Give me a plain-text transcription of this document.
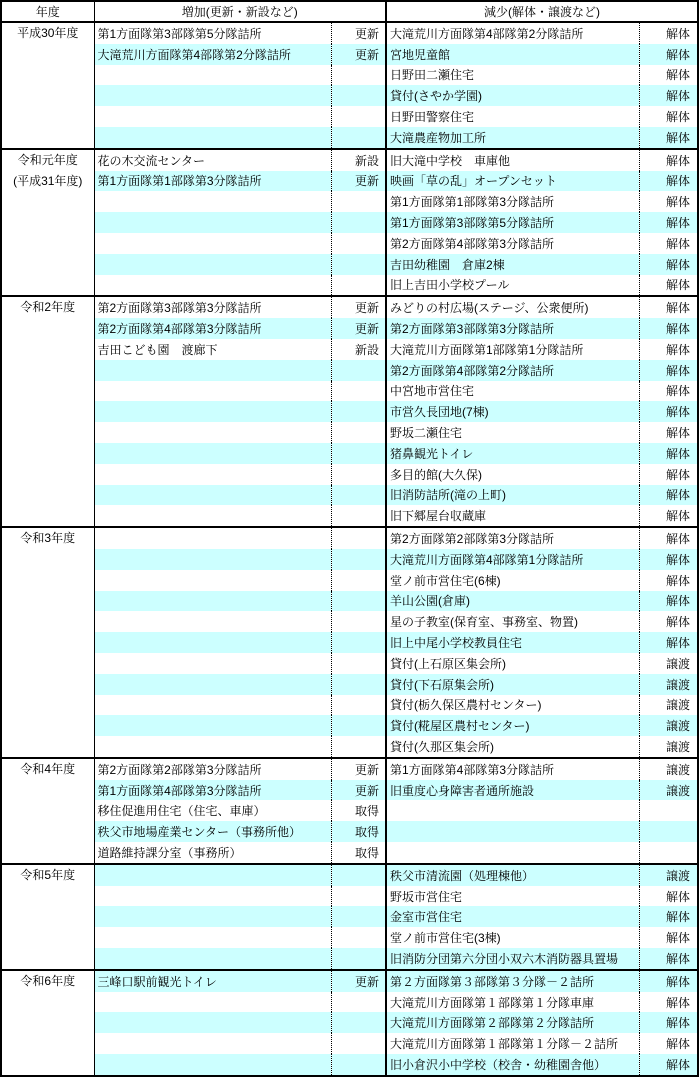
年度	増加(更新・新設など)		減少(解体・譲渡など)	

平成30年度	第1方面隊第3部隊第5分隊詰所	更新	大滝荒川方面隊第4部隊第2分隊詰所	解体
	大滝荒川方面隊第4部隊第2分隊詰所	更新	宮地児童館	解体
			日野田二瀬住宅	解体
			貸付(さやか学園)	解体
			日野田警察住宅	解体
			大滝農産物加工所	解体

令和元年度
(平成31年度)	花の木交流センター	新設	旧大滝中学校　車庫他	解体
	第1方面隊第1部隊第3分隊詰所	更新	映画「草の乱」オープンセット	解体
			第1方面隊第1部隊第3分隊詰所	解体
			第1方面隊第3部隊第5分隊詰所	解体
			第2方面隊第4部隊第3分隊詰所	解体
			吉田幼稚園　倉庫2棟	解体
			旧上吉田小学校プール	解体

令和2年度	第2方面隊第3部隊第3分隊詰所	更新	みどりの村広場(ステージ、公衆便所)	解体
	第2方面隊第4部隊第3分隊詰所	更新	第2方面隊第3部隊第3分隊詰所	解体
	吉田こども園　渡廊下	新設	大滝荒川方面隊第1部隊第1分隊詰所	解体
			第2方面隊第4部隊第2分隊詰所	解体
			中宮地市営住宅	解体
			市営久長団地(7棟)	解体
			野坂二瀬住宅	解体
			猪鼻観光トイレ	解体
			多目的館(大久保)	解体
			旧消防詰所(滝の上町)	解体
			旧下郷屋台収蔵庫	解体

令和3年度			第2方面隊第2部隊第3分隊詰所	解体
			大滝荒川方面隊第4部隊第1分隊詰所	解体
			堂ノ前市営住宅(6棟)	解体
			羊山公園(倉庫)	解体
			星の子教室(保育室、事務室、物置)	解体
			旧上中尾小学校教員住宅	解体
			貸付(上石原区集会所)	譲渡
			貸付(下石原集会所)	譲渡
			貸付(栃久保区農村センター)	譲渡
			貸付(糀屋区農村センター)	譲渡
			貸付(久那区集会所)	譲渡

令和4年度	第2方面隊第2部隊第3分隊詰所	更新	第1方面隊第4部隊第3分隊詰所	譲渡
	第1方面隊第4部隊第3分隊詰所	更新	旧重度心身障害者通所施設	譲渡
	移住促進用住宅（住宅、車庫）	取得		
	秩父市地場産業センター（事務所他）	取得		
	道路維持課分室（事務所）	取得		

令和5年度			秩父市清流園（処理棟他）	譲渡
			野坂市営住宅	解体
			金室市営住宅	解体
			堂ノ前市営住宅(3棟)	解体
			旧消防分団第六分団小双六木消防器具置場	解体

令和6年度	三峰口駅前観光トイレ	更新	第２方面隊第３部隊第３分隊－２詰所	解体
			大滝荒川方面隊第１部隊第１分隊車庫	解体
			大滝荒川方面隊第２部隊第２分隊詰所	解体
			大滝荒川方面隊第１部隊第１分隊－２詰所	解体
			旧小倉沢小中学校（校舎・幼稚園舎他）	解体
